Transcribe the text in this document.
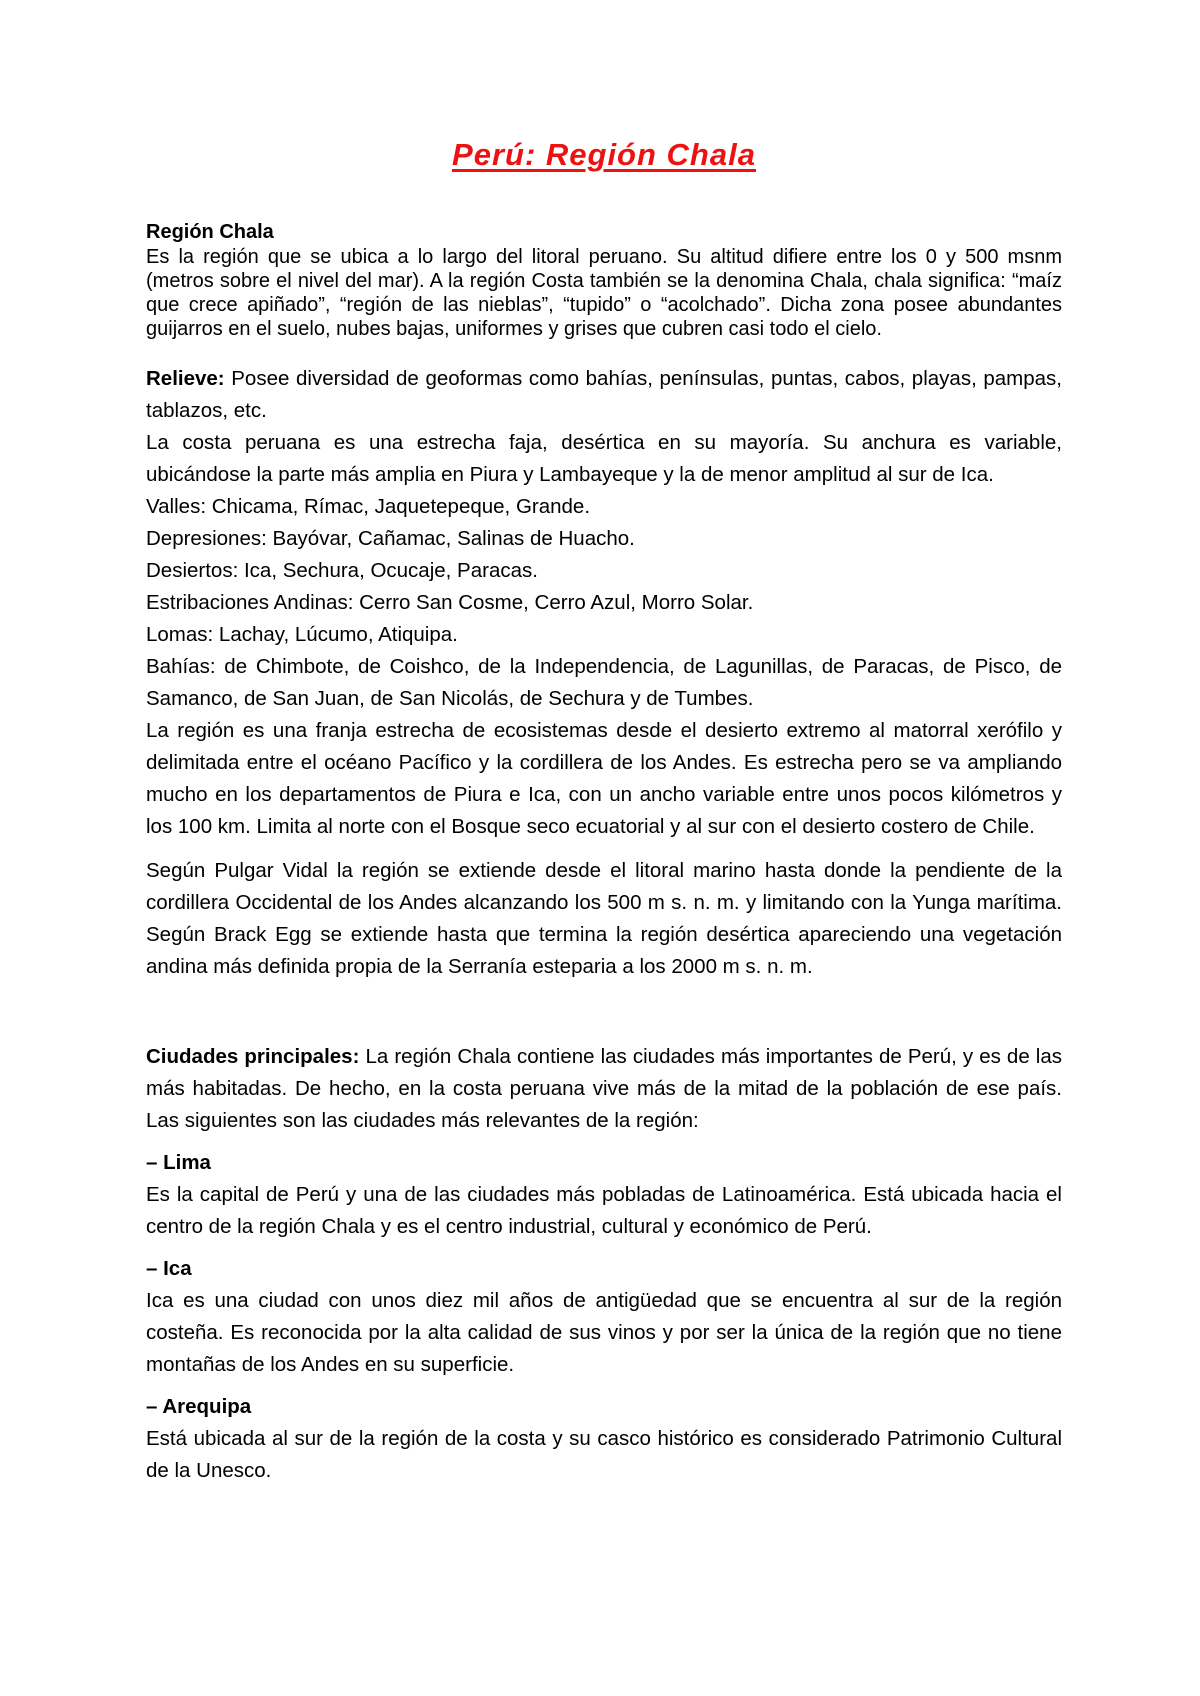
Perú: Región Chala
Región Chala
Es la región que se ubica a lo largo del litoral peruano. Su altitud difiere entre los 0 y 500 msnm (metros sobre el nivel del mar). A la región Costa también se la denomina Chala, chala significa: “maíz que crece apiñado”, “región de las nieblas”, “tupido” o “acolchado”. Dicha zona posee abundantes guijarros en el suelo, nubes bajas, uniformes y grises que cubren casi todo el cielo.

Relieve: Posee diversidad de geoformas como bahías, penínsulas, puntas, cabos, playas, pampas, tablazos, etc.

La costa peruana es una estrecha faja, desértica en su mayoría. Su anchura es variable, ubicándose la parte más amplia en Piura y Lambayeque y la de menor amplitud al sur de Ica.

Valles: Chicama, Rímac, Jaquetepeque, Grande.

Depresiones: Bayóvar, Cañamac, Salinas de Huacho.

Desiertos: Ica, Sechura, Ocucaje, Paracas.

Estribaciones Andinas: Cerro San Cosme, Cerro Azul, Morro Solar.

Lomas: Lachay, Lúcumo, Atiquipa.

Bahías: de Chimbote, de Coishco, de la Independencia, de Lagunillas, de Paracas, de Pisco, de Samanco, de San Juan, de San Nicolás, de Sechura y de Tumbes.

La región es una franja estrecha de ecosistemas desde el desierto extremo al matorral xerófilo y delimitada entre el océano Pacífico y la cordillera de los Andes. Es estrecha pero se va ampliando mucho en los departamentos de Piura e Ica, con un ancho variable entre unos pocos kilómetros y los 100 km. Limita al norte con el Bosque seco ecuatorial y al sur con el desierto costero de Chile.

Según Pulgar Vidal la región se extiende desde el litoral marino hasta donde la pendiente de la cordillera Occidental de los Andes alcanzando los 500 m s. n. m. y limitando con la Yunga marítima. Según Brack Egg se extiende hasta que termina la región desértica apareciendo una vegetación andina más definida propia de la Serranía esteparia a los 2000 m s. n. m.

Ciudades principales: La región Chala contiene las ciudades más importantes de Perú, y es de las más habitadas. De hecho, en la costa peruana vive más de la mitad de la población de ese país. Las siguientes son las ciudades más relevantes de la región:

– Lima

Es la capital de Perú y una de las ciudades más pobladas de Latinoamérica. Está ubicada hacia el centro de la región Chala y es el centro industrial, cultural y económico de Perú.

– Ica

Ica es una ciudad con unos diez mil años de antigüedad que se encuentra al sur de la región costeña. Es reconocida por la alta calidad de sus vinos y por ser la única de la región que no tiene montañas de los Andes en su superficie.

– Arequipa

Está ubicada al sur de la región de la costa y su casco histórico es considerado Patrimonio Cultural de la Unesco.
